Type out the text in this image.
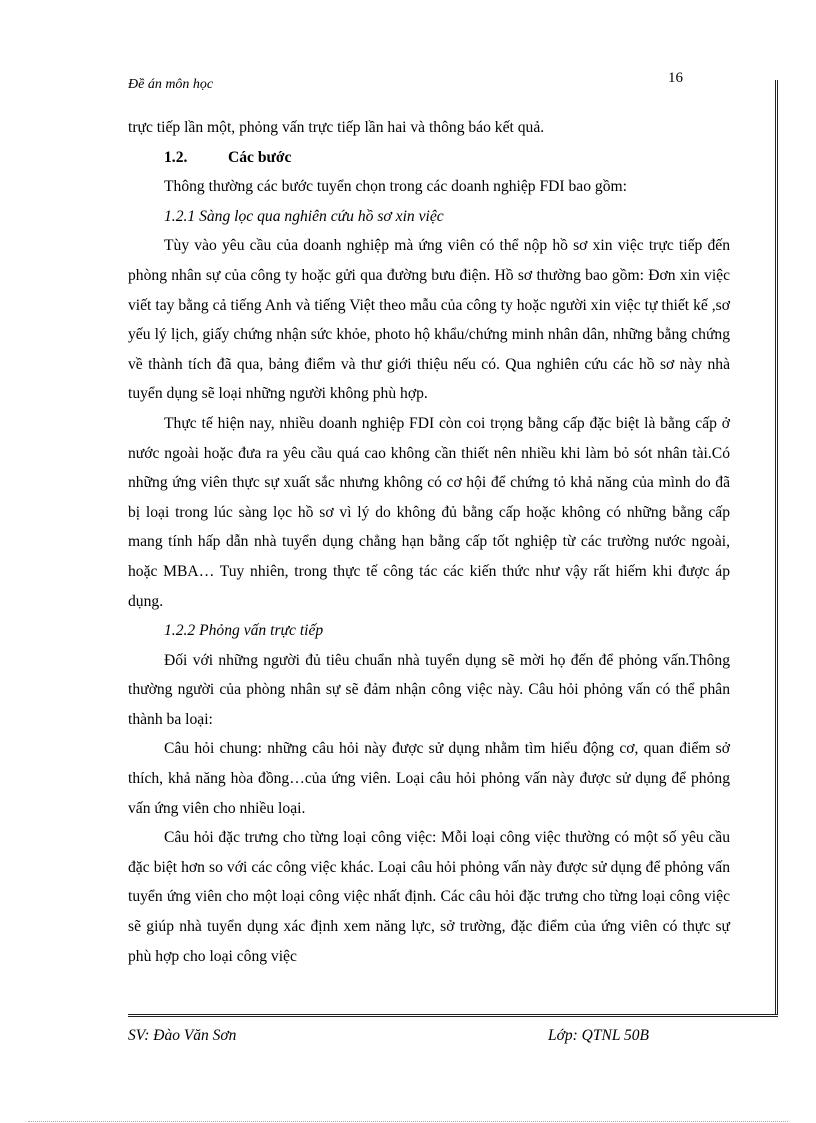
Đề án môn học	16

trực tiếp lần một, phỏng vấn trực tiếp lần hai và thông báo kết quả.

1.2.	Các bước

Thông thường các bước tuyển chọn trong các doanh nghiệp FDI bao gồm:

1.2.1 Sàng lọc qua nghiên cứu hồ sơ xin việc

Tùy vào yêu cầu của doanh nghiệp mà ứng viên có thể nộp hồ sơ xin việc trực tiếp đến phòng nhân sự của công ty hoặc gửi qua đường bưu điện. Hồ sơ thường bao gồm: Đơn xin việc viết tay bằng cả tiếng Anh và tiếng Việt theo mẫu của công ty hoặc người xin việc tự thiết kế ,sơ yếu lý lịch, giấy chứng nhận sức khỏe, photo hộ khẩu/chứng minh nhân dân, những bằng chứng về thành tích đã qua, bảng điểm và thư giới thiệu nếu có. Qua nghiên cứu các hồ sơ này nhà tuyển dụng sẽ loại những người không phù hợp.

Thực tế hiện nay, nhiều doanh nghiệp FDI còn coi trọng bằng cấp đặc biệt là bằng cấp ở nước ngoài hoặc đưa ra yêu cầu quá cao không cần thiết nên nhiều khi làm bỏ sót nhân tài.Có những ứng viên thực sự xuất sắc nhưng không có cơ hội để chứng tỏ khả năng của mình do đã bị loại trong lúc sàng lọc hồ sơ vì lý do không đủ bằng cấp hoặc không có những bằng cấp mang tính hấp dẫn nhà tuyển dụng chẳng hạn bằng cấp tốt nghiệp từ các trường nước ngoài, hoặc MBA… Tuy nhiên, trong thực tế công tác các kiến thức như vậy rất hiếm khi được áp dụng.

1.2.2 Phỏng vấn trực tiếp

Đối với những người đủ tiêu chuẩn nhà tuyển dụng sẽ mời họ đến để phỏng vấn.Thông thường người của phòng nhân sự sẽ đảm nhận công việc này. Câu hỏi phỏng vấn có thể phân thành ba loại:

Câu hỏi chung: những câu hỏi này được sử dụng nhằm tìm hiểu động cơ, quan điểm sở thích, khả năng hòa đồng…của ứng viên. Loại câu hỏi phỏng vấn này được sử dụng để phỏng vấn ứng viên cho nhiều loại.

Câu hỏi đặc trưng cho từng loại công việc: Mỗi loại công việc thường có một số yêu cầu đặc biệt hơn so với các công việc khác. Loại câu hỏi phỏng vấn này được sử dụng để phỏng vấn tuyển ứng viên cho một loại công việc nhất định. Các câu hỏi đặc trưng cho từng loại công việc sẽ giúp nhà tuyển dụng xác định xem năng lực, sở trường, đặc điểm của ứng viên có thực sự phù hợp cho loại công việc

SV: Đào Văn Sơn	Lớp: QTNL 50B
